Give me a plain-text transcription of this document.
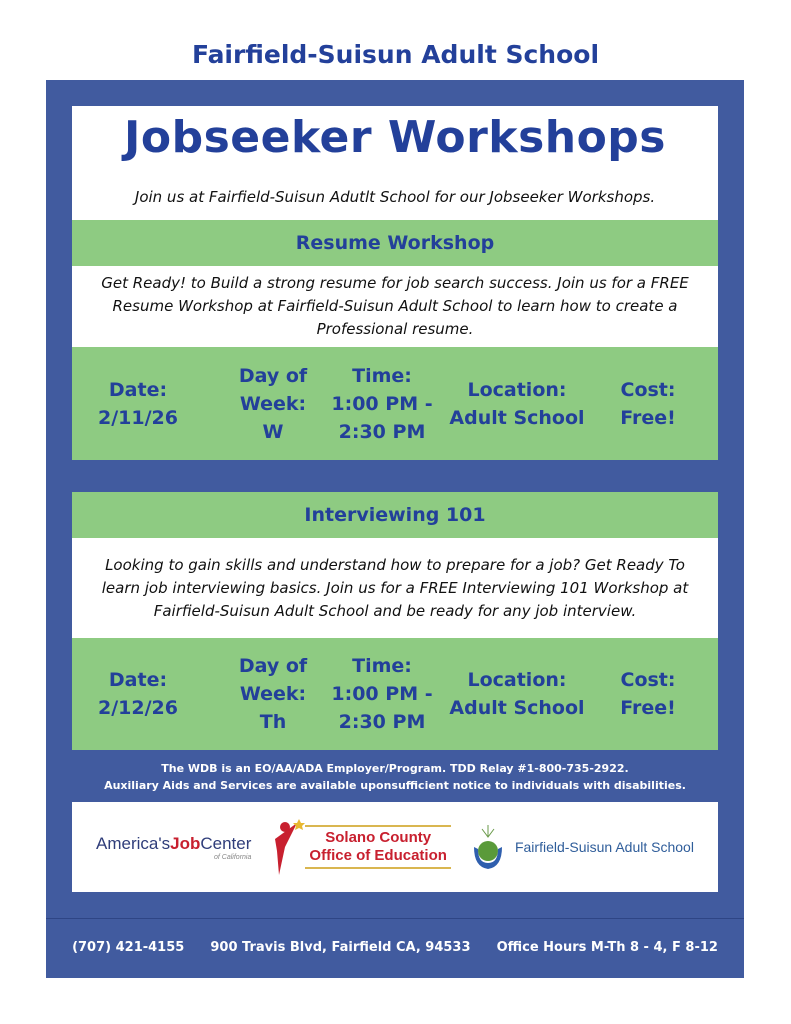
Fairfield-Suisun Adult School
Jobseeker Workshops
Join us at Fairfield-Suisun Adutlt School for our Jobseeker Workshops.
Resume Workshop
Get Ready! to Build a strong resume for job search success. Join us for a FREE Resume Workshop at Fairfield-Suisun Adult School to learn how to create a Professional resume.
Date:
2/11/26
Day of Week:
W
Time:
1:00 PM - 2:30 PM
Location:
Adult School
Cost:
Free!
Interviewing 101
Looking to gain skills and understand how to prepare for a job? Get Ready To learn job interviewing basics. Join us for a FREE Interviewing 101 Workshop at Fairfield-Suisun Adult School and be ready for any job interview.
Date:
2/12/26
Day of Week:
Th
Time:
1:00 PM - 2:30 PM
Location:
Adult School
Cost:
Free!
The WDB is an EO/AA/ADA Employer/Program. TDD Relay #1-800-735-2922.
Auxiliary Aids and Services are available uponsufficient notice to individuals with disabilities.
America'sJobCenter
of California
Solano County
Office of Education	Fairfield-Suisun Adult School
(707) 421-4155 900 Travis Blvd, Fairfield CA, 94533 Office Hours M-Th 8 - 4, F 8-12
